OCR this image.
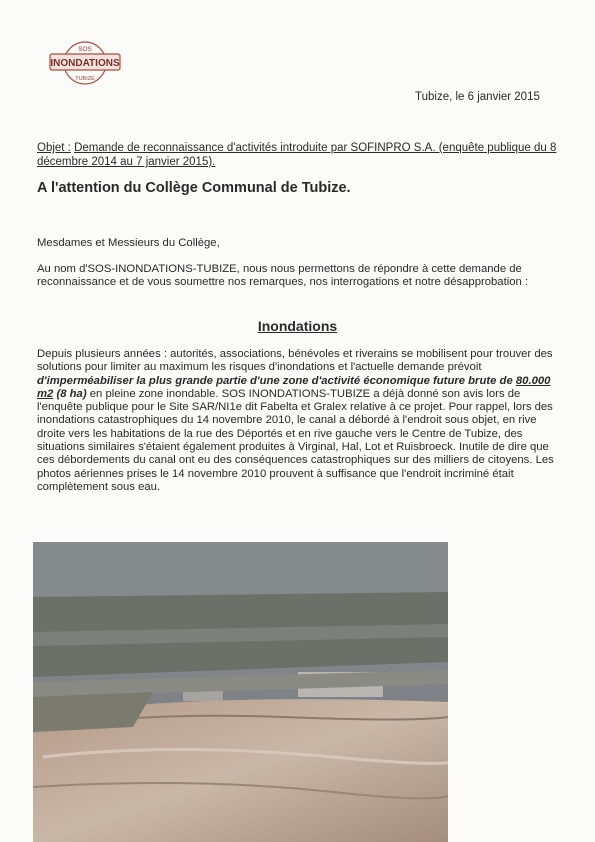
SOS
INONDATIONS
TUBIZE
Tubize, le 6 janvier 2015
Objet : Demande de reconnaissance d'activités introduite par SOFINPRO S.A. (enquête publique du 8 décembre 2014 au 7 janvier 2015).
A l'attention du Collège Communal de Tubize.
Mesdames et Messieurs du Collège,
Au nom d'SOS-INONDATIONS-TUBIZE, nous nous permettons de répondre à cette demande de reconnaissance et de vous soumettre nos remarques, nos interrogations et notre désapprobation :
Inondations
Depuis plusieurs années : autorités, associations, bénévoles et riverains se mobilisent pour trouver des solutions pour limiter au maximum les risques d'inondations et l'actuelle demande prévoit d'imperméabiliser la plus grande partie d'une zone d'activité économique future brute de 80.000 m2 (8 ha) en pleine zone inondable. SOS INONDATIONS-TUBIZE a déjà donné son avis lors de l'enquête publique pour le Site SAR/NI1e dit Fabelta et Gralex relative à ce projet. Pour rappel, lors des inondations catastrophiques du 14 novembre 2010, le canal a débordé à l'endroit sous objet, en rive droite vers les habitations de la rue des Déportés et en rive gauche vers le Centre de Tubize, des situations similaires s'étaient également produites à Virginal, Hal, Lot et Ruisbroeck. Inutile de dire que ces débordements du canal ont eu des conséquences catastrophiques sur des milliers de citoyens. Les photos aériennes prises le 14 novembre 2010 prouvent à suffisance que l'endroit incriminé était complètement sous eau.
